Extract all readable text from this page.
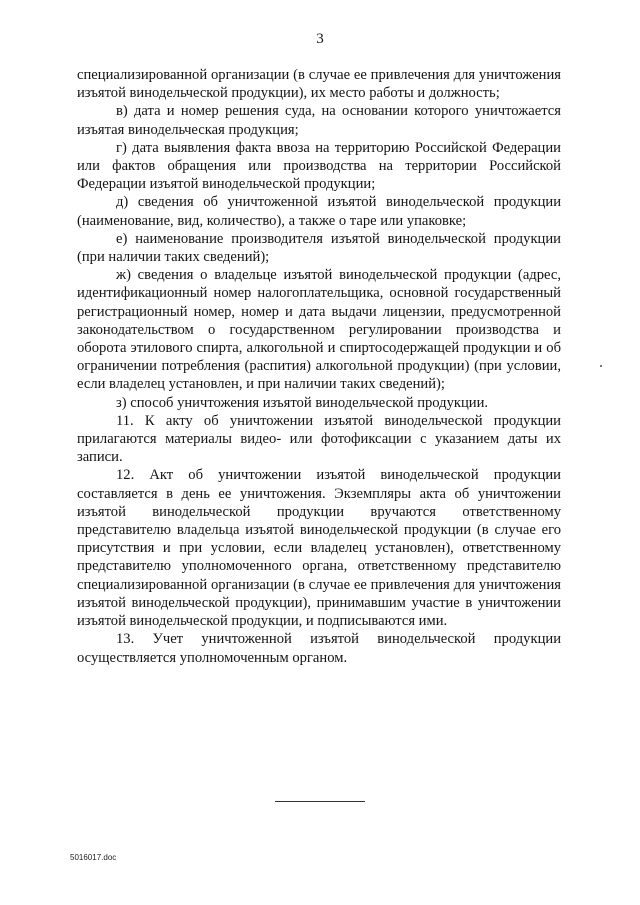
3

специализированной организации (в случае ее привлечения для уничтожения изъятой винодельческой продукции), их место работы и должность;

в) дата и номер решения суда, на основании которого уничтожается изъятая винодельческая продукция;

г) дата выявления факта ввоза на территорию Российской Федерации или фактов обращения или производства на территории Российской Федерации изъятой винодельческой продукции;

д) сведения об уничтоженной изъятой винодельческой продукции (наименование, вид, количество), а также о таре или упаковке;

е) наименование производителя изъятой винодельческой продукции (при наличии таких сведений);

ж) сведения о владельце изъятой винодельческой продукции (адрес, идентификационный номер налогоплательщика, основной государственный регистрационный номер, номер и дата выдачи лицензии, предусмотренной законодательством о государственном регулировании производства и оборота этилового спирта, алкогольной и спиртосодержащей продукции и об ограничении потребления (распития) алкогольной продукции) (при условии, если владелец установлен, и при наличии таких сведений);

з) способ уничтожения изъятой винодельческой продукции.

11. К акту об уничтожении изъятой винодельческой продукции прилагаются материалы видео- или фотофиксации с указанием даты их записи.

12. Акт об уничтожении изъятой винодельческой продукции составляется в день ее уничтожения. Экземпляры акта об уничтожении изъятой винодельческой продукции вручаются ответственному представителю владельца изъятой винодельческой продукции (в случае его присутствия и при условии, если владелец установлен), ответственному представителю уполномоченного органа, ответственному представителю специализированной организации (в случае ее привлечения для уничтожения изъятой винодельческой продукции), принимавшим участие в уничтожении изъятой винодельческой продукции, и подписываются ими.

13. Учет уничтоженной изъятой винодельческой продукции осуществляется уполномоченным органом.

5016017.doc
